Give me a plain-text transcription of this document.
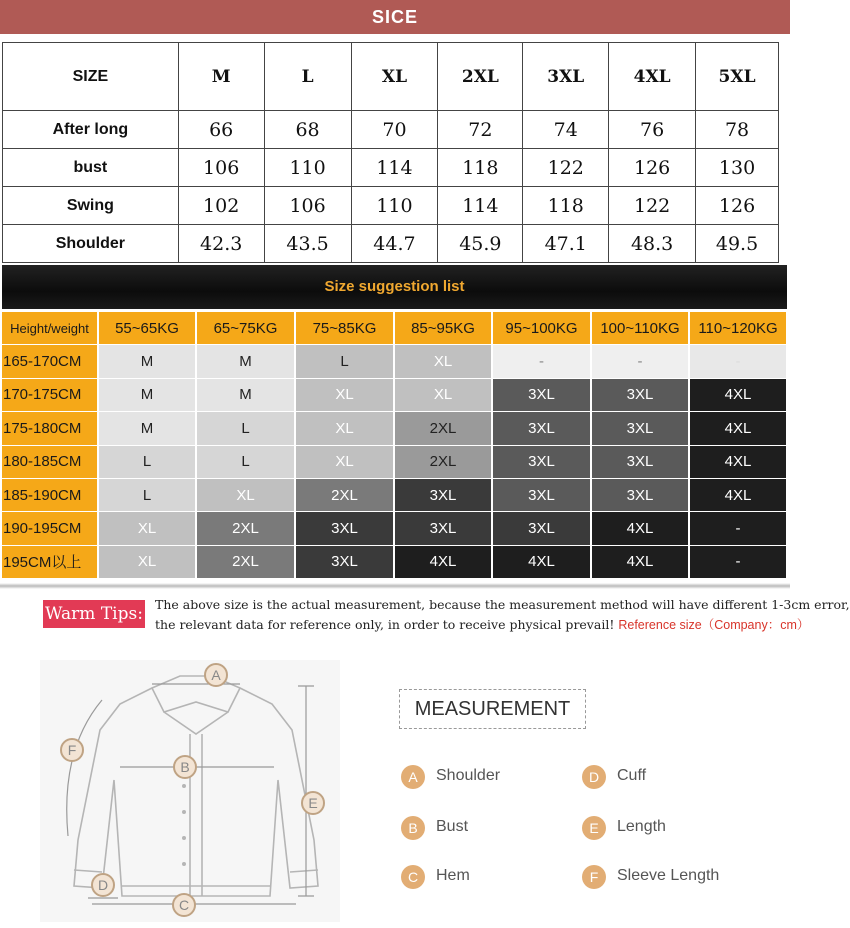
SICE
SIZE	M	L	XL	2XL	3XL	4XL	5XL
After long	66	68	70	72	74	76	78
bust	106	110	114	118	122	126	130
Swing	102	106	110	114	118	122	126
Shoulder	42.3	43.5	44.7	45.9	47.1	48.3	49.5
Size suggestion list
Height/weight	55~65KG	65~75KG	75~85KG	85~95KG	95~100KG	100~110KG	110~120KG
165-170CM	M	M	L	XL	-	-	-
170-175CM	M	M	XL	XL	3XL	3XL	4XL
175-180CM	M	L	XL	2XL	3XL	3XL	4XL
180-185CM	L	L	XL	2XL	3XL	3XL	4XL
185-190CM	L	XL	2XL	3XL	3XL	3XL	4XL
190-195CM	XL	2XL	3XL	3XL	3XL	4XL	-
195CM以上	XL	2XL	3XL	4XL	4XL	4XL	-
Warm Tips: The above size is the actual measurement, because the measurement method will have different 1-3cm error,
the relevant data for reference only, in order to receive physical prevail! Reference size（Company：cm）
A
B
C
D
E
F
MEASUREMENT
A	Shoulder
B	Bust
C	Hem
D	Cuff
E	Length
F	Sleeve Length
